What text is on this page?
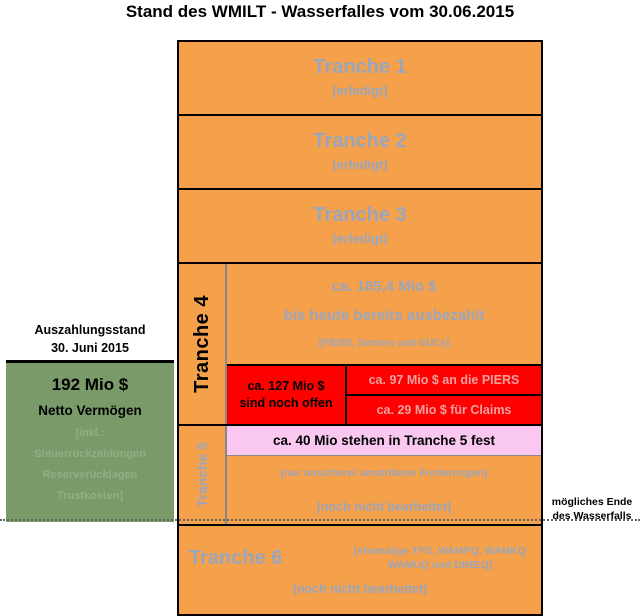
Stand des WMILT - Wasserfalles vom 30.06.2015
Tranche 1
(erledigt)
Tranche 2
(erledigt)
Tranche 3
(erledigt)
Tranche 4
ca. 185,4 Mio $
bis heute bereits ausbezahlt
[PIERS, Seniors und GUCs]
ca. 127 Mio $
sind noch offen
ca. 97 Mio $ an die PIERS
ca. 29 Mio $ für Claims
Tranche 5
ca. 40 Mio stehen in Tranche 5 fest
[nur unsichere/ umstrittene Forderungen]
(noch nicht bearbeitet)
Tranche 6	[ehemalige TPS, WAMPQ, WAMKQ WAMUQ und DIMEQ]
(noch nicht bearbeitet)
Auszahlungsstand
30. Juni 2015
192 Mio $
Netto Vermögen
[inkl.:
Steuerrückzahlungen
Reserverücklagen
Trustkosten]	mögliches Ende
des Wasserfalls
